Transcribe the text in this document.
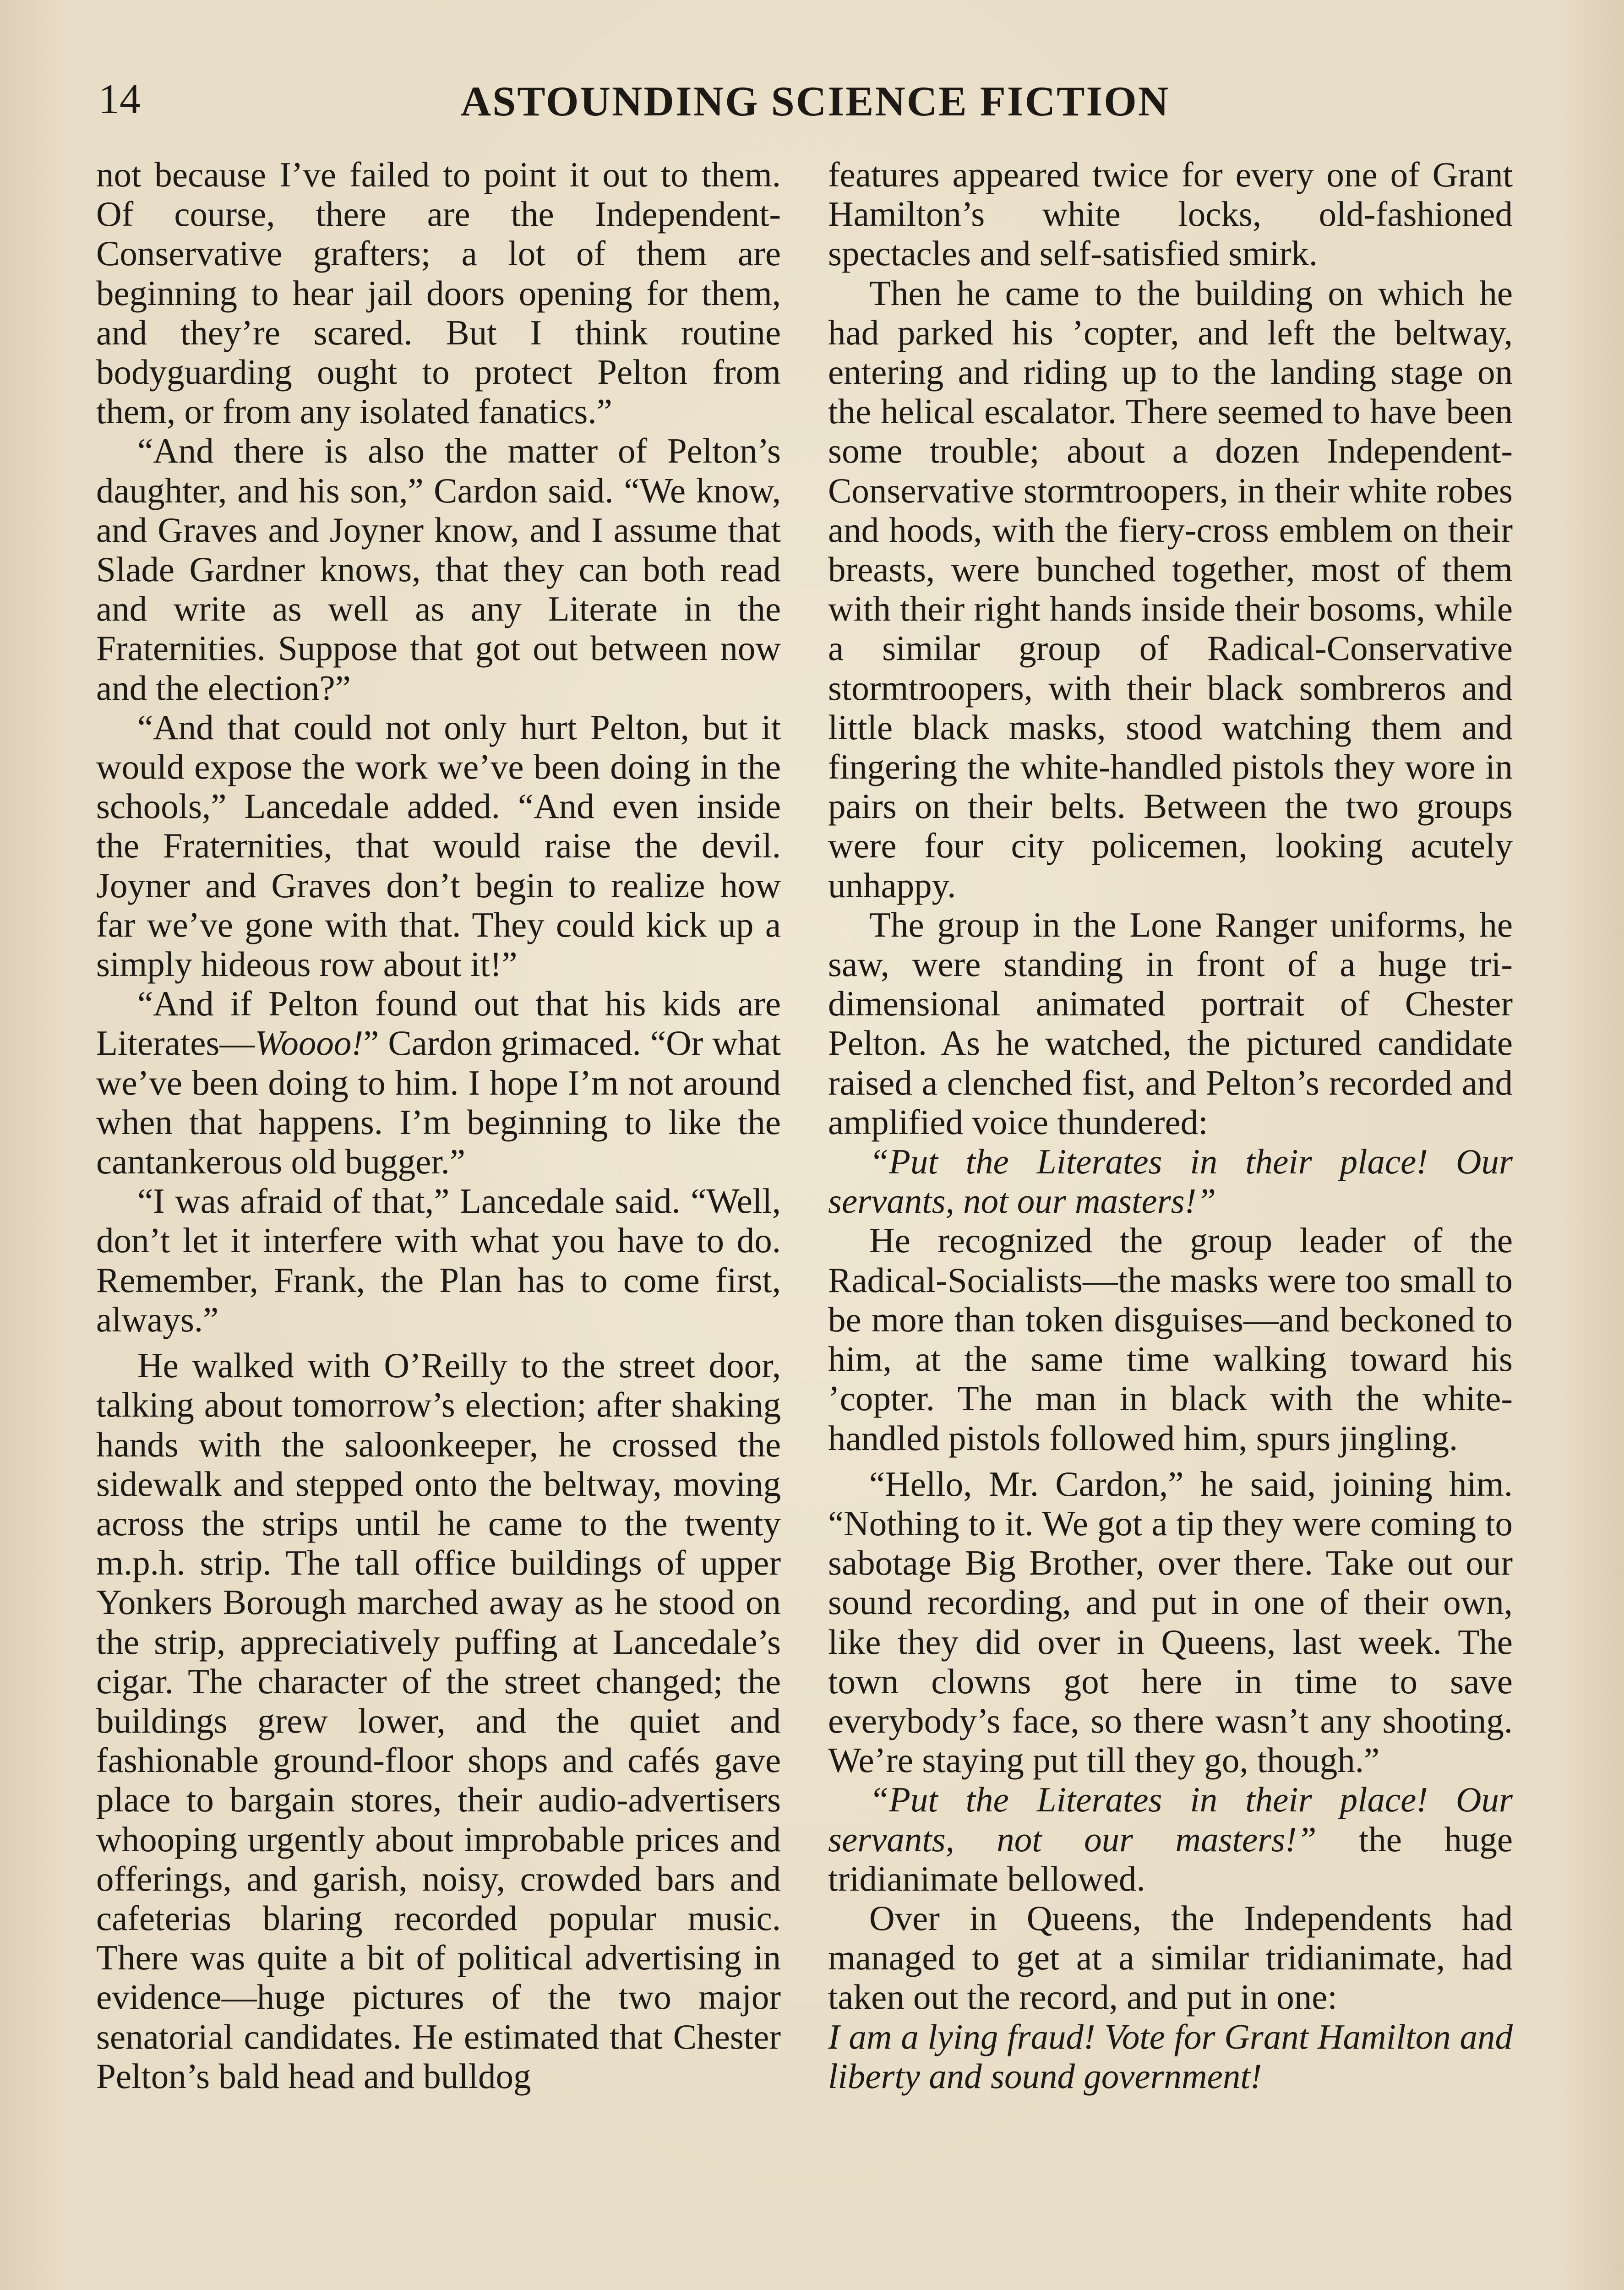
14	ASTOUNDING SCIENCE FICTION

not because I’ve failed to point it out to them. Of course, there are the Independent-Conservative grafters; a lot of them are beginning to hear jail doors opening for them, and they’re scared. But I think routine bodyguarding ought to protect Pelton from them, or from any isolated fanatics.”

“And there is also the matter of Pelton’s daughter, and his son,” Cardon said. “We know, and Graves and Joyner know, and I assume that Slade Gardner knows, that they can both read and write as well as any Literate in the Fraternities. Suppose that got out between now and the election?”

“And that could not only hurt Pelton, but it would expose the work we’ve been doing in the schools,” Lancedale added. “And even inside the Fraternities, that would raise the devil. Joyner and Graves don’t begin to realize how far we’ve gone with that. They could kick up a simply hideous row about it!”

“And if Pelton found out that his kids are Literates—Woooo!” Cardon grimaced. “Or what we’ve been doing to him. I hope I’m not around when that happens. I’m beginning to like the cantankerous old bugger.”

“I was afraid of that,” Lancedale said. “Well, don’t let it interfere with what you have to do. Remember, Frank, the Plan has to come first, always.”

He walked with O’Reilly to the street door, talking about tomorrow’s election; after shaking hands with the saloonkeeper, he crossed the sidewalk and stepped onto the beltway, moving across the strips until he came to the twenty m.p.h. strip. The tall office buildings of upper Yonkers Borough marched away as he stood on the strip, appreciatively puffing at Lancedale’s cigar. The character of the street changed; the buildings grew lower, and the quiet and fashionable ground-floor shops and cafés gave place to bargain stores, their audio-advertisers whooping urgently about improbable prices and offerings, and garish, noisy, crowded bars and cafeterias blaring recorded popular music. There was quite a bit of political advertising in evidence—huge pictures of the two major senatorial candidates. He estimated that Chester Pelton’s bald head and bulldog

features appeared twice for every one of Grant Hamilton’s white locks, old-fashioned spectacles and self-satisfied smirk.

Then he came to the building on which he had parked his ’copter, and left the beltway, entering and riding up to the landing stage on the helical escalator. There seemed to have been some trouble; about a dozen Independent-Conservative stormtroopers, in their white robes and hoods, with the fiery-cross emblem on their breasts, were bunched together, most of them with their right hands inside their bosoms, while a similar group of Radical-Conservative stormtroopers, with their black sombreros and little black masks, stood watching them and fingering the white-handled pistols they wore in pairs on their belts. Between the two groups were four city policemen, looking acutely unhappy.

The group in the Lone Ranger uniforms, he saw, were standing in front of a huge tri-dimensional animated portrait of Chester Pelton. As he watched, the pictured candidate raised a clenched fist, and Pelton’s recorded and amplified voice thundered:

“Put the Literates in their place! Our servants, not our masters!”

He recognized the group leader of the Radical-Socialists—the masks were too small to be more than token disguises—and beckoned to him, at the same time walking toward his ’copter. The man in black with the white-handled pistols followed him, spurs jingling.

“Hello, Mr. Cardon,” he said, joining him. “Nothing to it. We got a tip they were coming to sabotage Big Brother, over there. Take out our sound recording, and put in one of their own, like they did over in Queens, last week. The town clowns got here in time to save everybody’s face, so there wasn’t any shooting. We’re staying put till they go, though.”

“Put the Literates in their place! Our servants, not our masters!” the huge tridianimate bellowed.

Over in Queens, the Independents had managed to get at a similar tridianimate, had taken out the record, and put in one:

I am a lying fraud! Vote for Grant Hamilton and liberty and sound government!
